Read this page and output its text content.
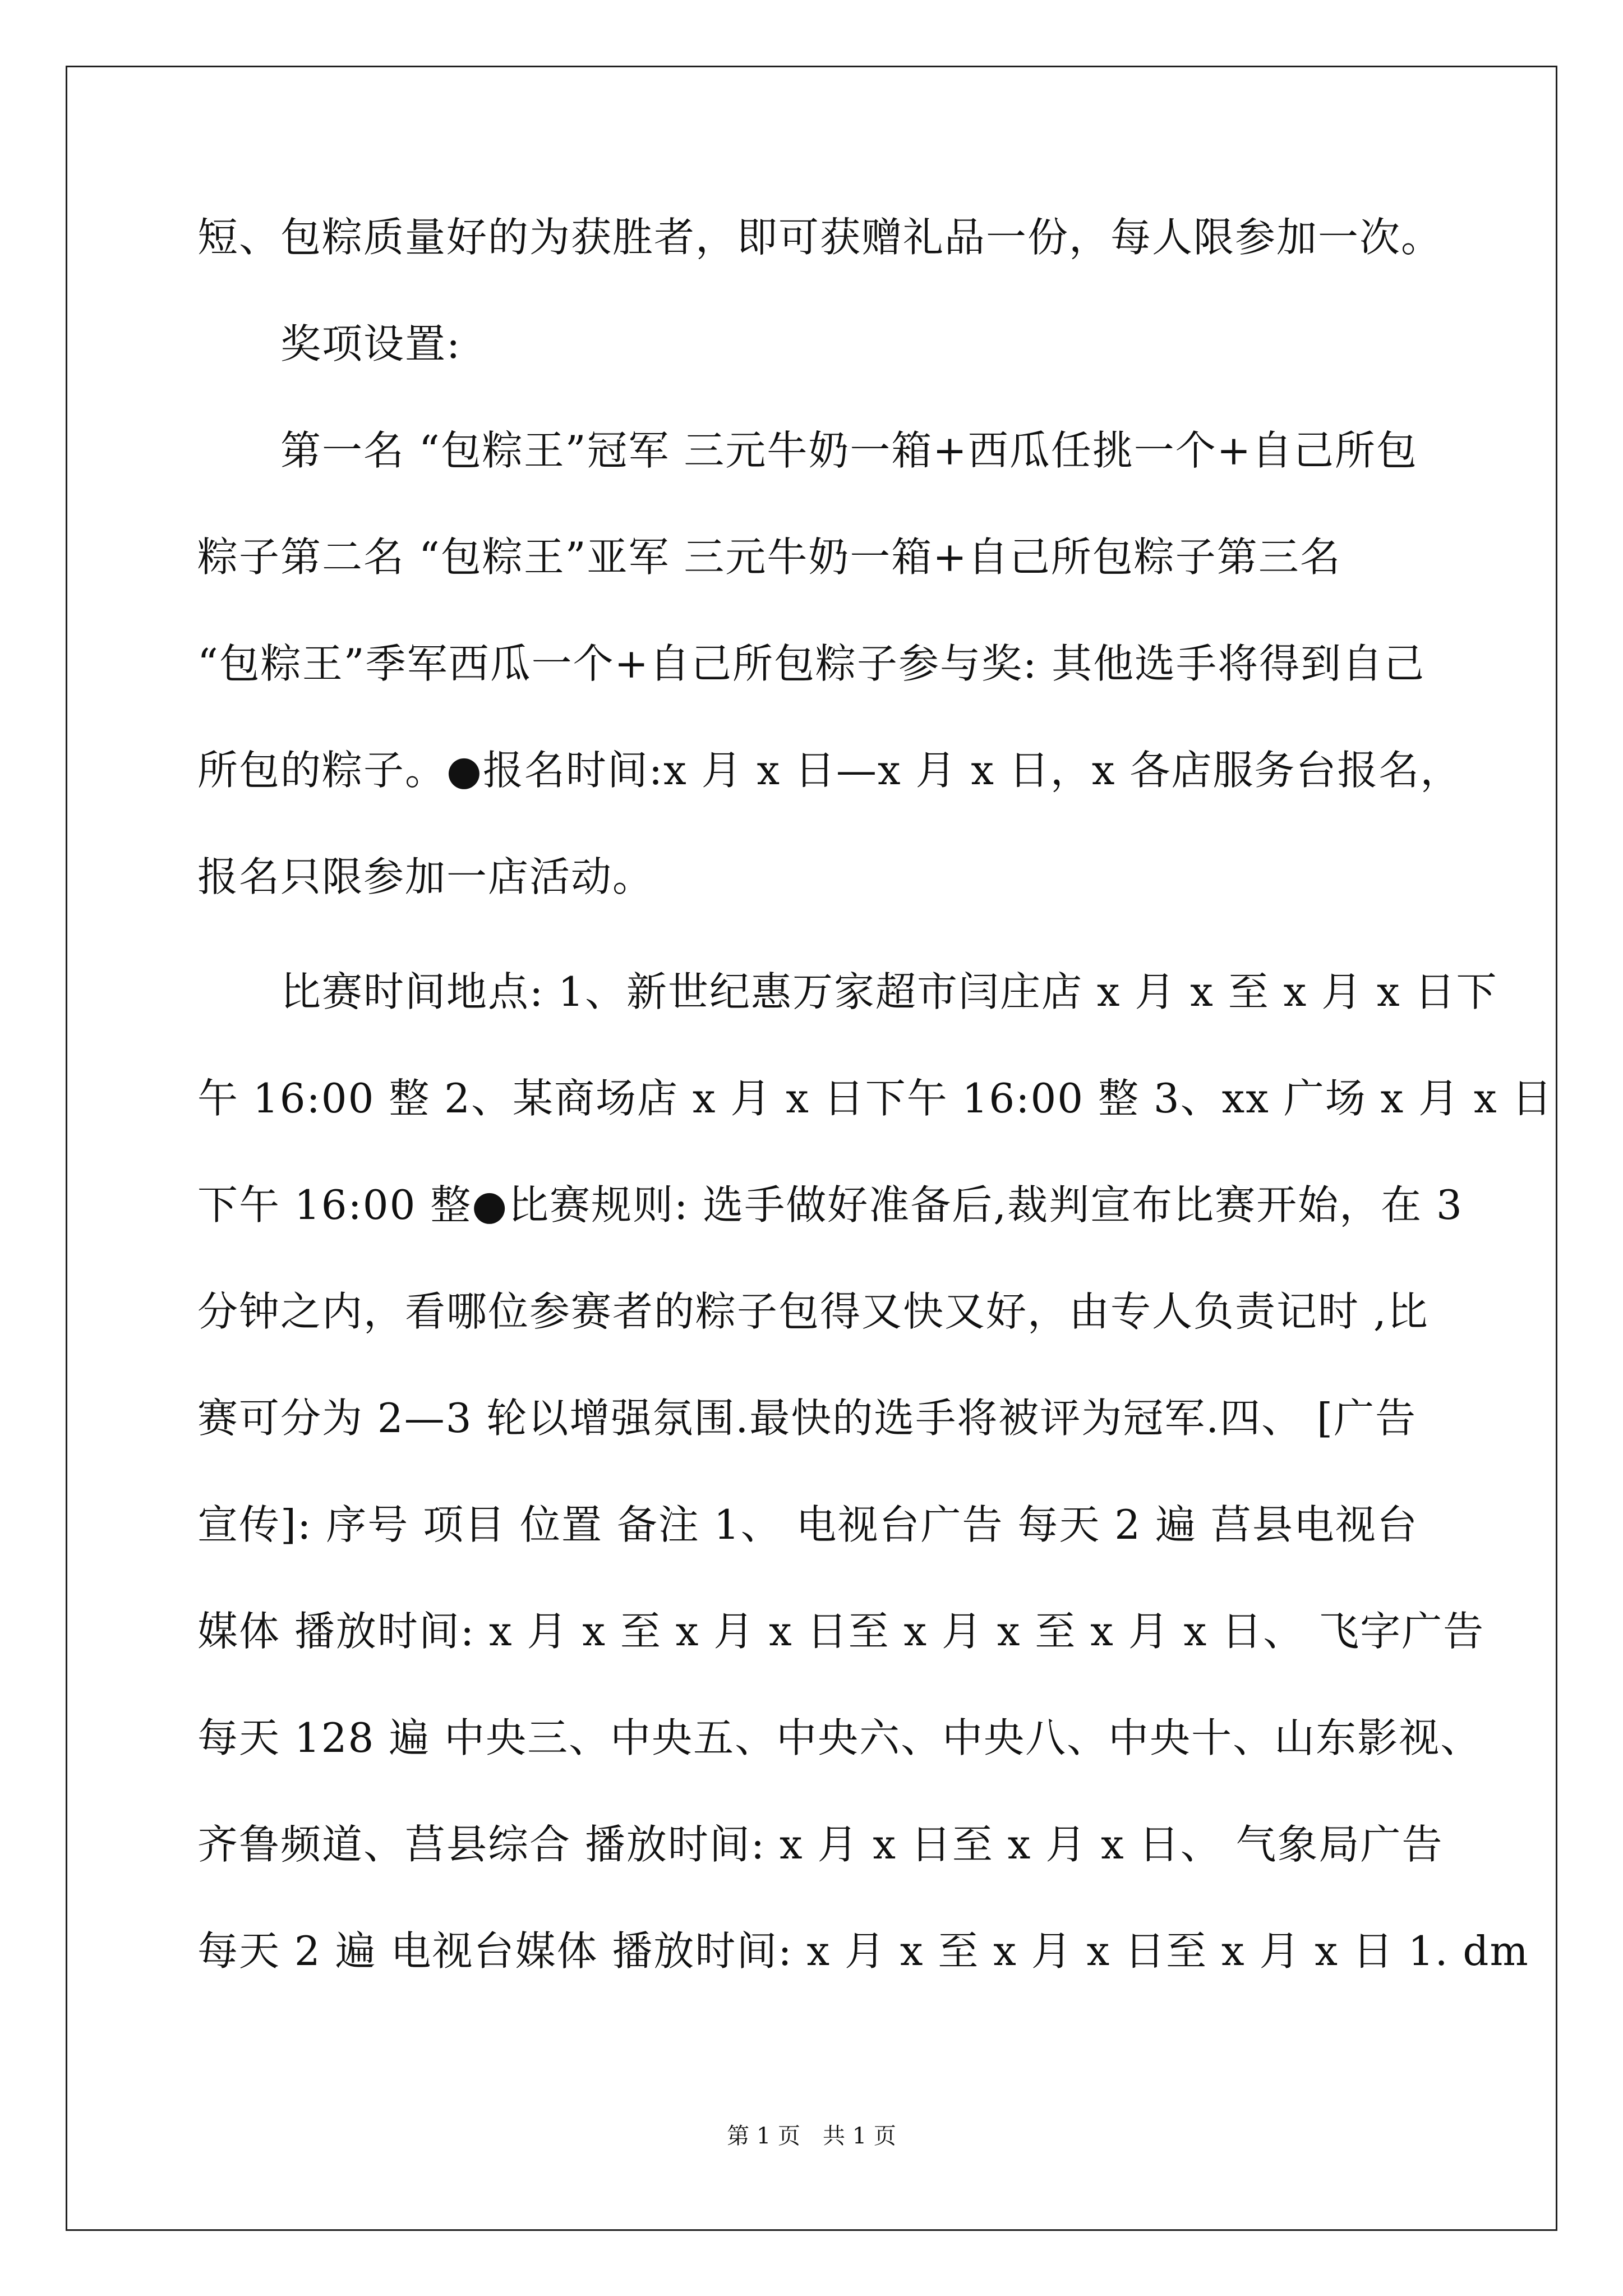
短、包粽质量好的为获胜者，即可获赠礼品一份，每人限参加一次。
奖项设置:
第一名 “包粽王”冠军 三元牛奶一箱+西瓜任挑一个+自己所包
粽子第二名 “包粽王”亚军 三元牛奶一箱+自己所包粽子第三名
“包粽王”季军西瓜一个+自己所包粽子参与奖: 其他选手将得到自己
所包的粽子。●报名时间:x 月 x 日—x 月 x 日，x 各店服务台报名，
报名只限参加一店活动。
比赛时间地点: 1、新世纪惠万家超市闫庄店 x 月 x 至 x 月 x 日下
午 16:00 整 2、某商场店 x 月 x 日下午 16:00 整 3、xx 广场 x 月 x 日
下午 16:00 整●比赛规则: 选手做好准备后,裁判宣布比赛开始，在 3
分钟之内，看哪位参赛者的粽子包得又快又好，由专人负责记时 ,比
赛可分为 2—3 轮以增强氛围.最快的选手将被评为冠军.四、 [广告
宣传]: 序号 项目 位置 备注 1、 电视台广告 每天 2 遍 莒县电视台
媒体 播放时间: x 月 x 至 x 月 x 日至 x 月 x 至 x 月 x 日、 飞字广告
每天 128 遍 中央三、中央五、中央六、中央八、中央十、山东影视、
齐鲁频道、莒县综合 播放时间: x 月 x 日至 x 月 x 日、 气象局广告
每天 2 遍 电视台媒体 播放时间: x 月 x 至 x 月 x 日至 x 月 x 日 1. dm
第 1 页　共 1 页
